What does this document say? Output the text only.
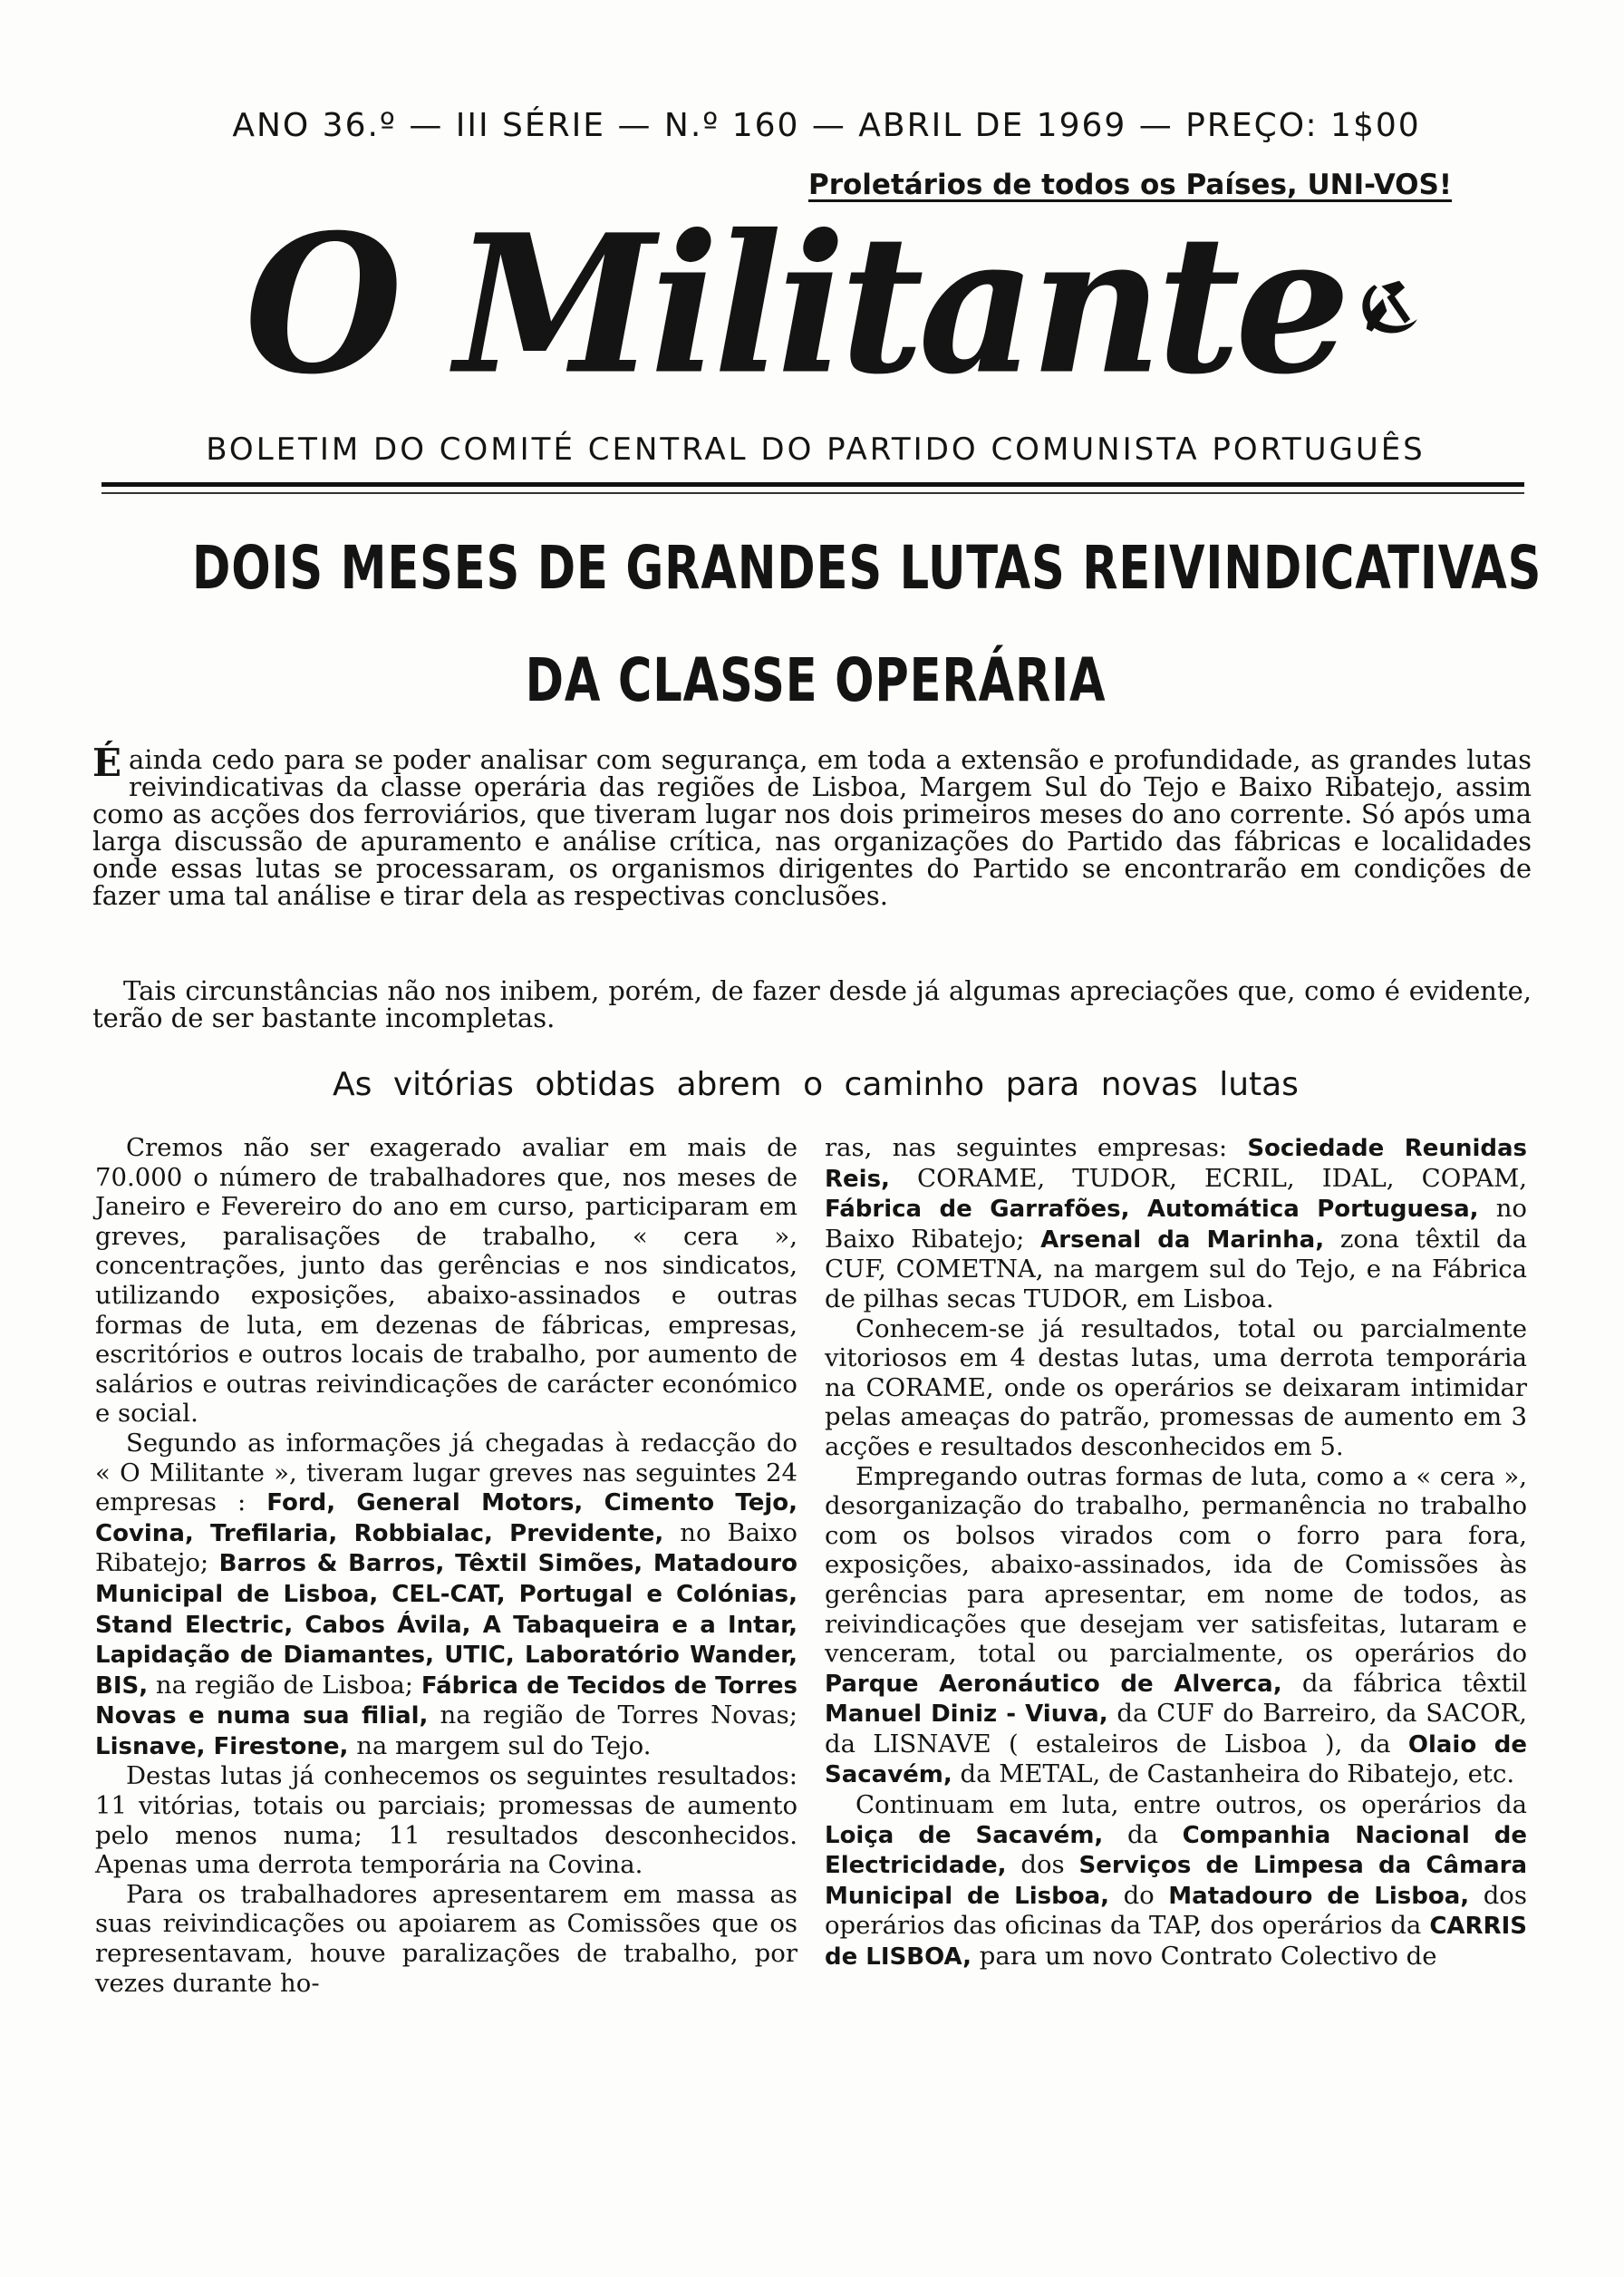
ANO 36.º — III SÉRIE — N.º 160 — ABRIL DE 1969 — PREÇO: 1$00
Proletários de todos os Países, UNI-VOS!
O Militante
BOLETIM DO COMITÉ CENTRAL DO PARTIDO COMUNISTA PORTUGUÊS
DOIS MESES DE GRANDES LUTAS REIVINDICATIVAS
DA CLASSE OPERÁRIA

É ainda cedo para se poder analisar com segurança, em toda a extensão e profundidade, as grandes lutas reivindicativas da classe operária das regiões de Lisboa, Margem Sul do Tejo e Baixo Ribatejo, assim como as acções dos ferroviários, que tiveram lugar nos dois primeiros meses do ano corrente. Só após uma larga discussão de apuramento e análise crítica, nas organizações do Partido das fábricas e localidades onde essas lutas se processaram, os organismos dirigentes do Partido se encontrarão em condições de fazer uma tal análise e tirar dela as respectivas conclusões.

Tais circunstâncias não nos inibem, porém, de fazer desde já algumas apreciações que, como é evidente, terão de ser bastante incompletas.

As vitórias obtidas abrem o caminho para novas lutas

Cremos não ser exagerado avaliar em mais de 70.000 o número de trabalhadores que, nos meses de Janeiro e Fevereiro do ano em curso, participaram em greves, paralisações de trabalho, « cera », concentrações, junto das gerências e nos sindicatos, utilizando exposições, abaixo-assinados e outras formas de luta, em dezenas de fábricas, empresas, escritórios e outros locais de trabalho, por aumento de salários e outras reivindicações de carácter económico e social.

Segundo as informações já chegadas à redacção do « O Militante », tiveram lugar greves nas seguintes 24 empresas : Ford, General Motors, Cimento Tejo, Covina, Trefilaria, Robbialac, Previdente, no Baixo Ribatejo; Barros & Barros, Têxtil Simões, Matadouro Municipal de Lisboa, CEL-CAT, Portugal e Colónias, Stand Electric, Cabos Ávila, A Tabaqueira e a Intar, Lapidação de Diamantes, UTIC, Laboratório Wander, BIS, na região de Lisboa; Fábrica de Tecidos de Torres Novas e numa sua filial, na região de Torres Novas; Lisnave, Firestone, na margem sul do Tejo.

Destas lutas já conhecemos os seguintes resultados: 11 vitórias, totais ou parciais; promessas de aumento pelo menos numa; 11 resultados desconhecidos. Apenas uma derrota temporária na Covina.

Para os trabalhadores apresentarem em massa as suas reivindicações ou apoiarem as Comissões que os representavam, houve paralizações de trabalho, por vezes durante ho-

ras, nas seguintes empresas: Sociedade Reunidas Reis, CORAME, TUDOR, ECRIL, IDAL, COPAM, Fábrica de Garrafões, Automática Portuguesa, no Baixo Ribatejo; Arsenal da Marinha, zona têxtil da CUF, COMETNA, na margem sul do Tejo, e na Fábrica de pilhas secas TUDOR, em Lisboa.

Conhecem-se já resultados, total ou parcialmente vitoriosos em 4 destas lutas, uma derrota temporária na CORAME, onde os operários se deixaram intimidar pelas ameaças do patrão, promessas de aumento em 3 acções e resultados desconhecidos em 5.

Empregando outras formas de luta, como a « cera », desorganização do trabalho, permanência no trabalho com os bolsos virados com o forro para fora, exposições, abaixo-assinados, ida de Comissões às gerências para apresentar, em nome de todos, as reivindicações que desejam ver satisfeitas, lutaram e venceram, total ou parcialmente, os operários do Parque Aeronáutico de Alverca, da fábrica têxtil Manuel Diniz - Viuva, da CUF do Barreiro, da SACOR, da LISNAVE ( estaleiros de Lisboa ), da Olaio de Sacavém, da METAL, de Castanheira do Ribatejo, etc.

Continuam em luta, entre outros, os operários da Loiça de Sacavém, da Companhia Nacional de Electricidade, dos Serviços de Limpesa da Câmara Municipal de Lisboa, do Matadouro de Lisboa, dos operários das oficinas da TAP, dos operários da CARRIS de LISBOA, para um novo Contrato Colectivo de
